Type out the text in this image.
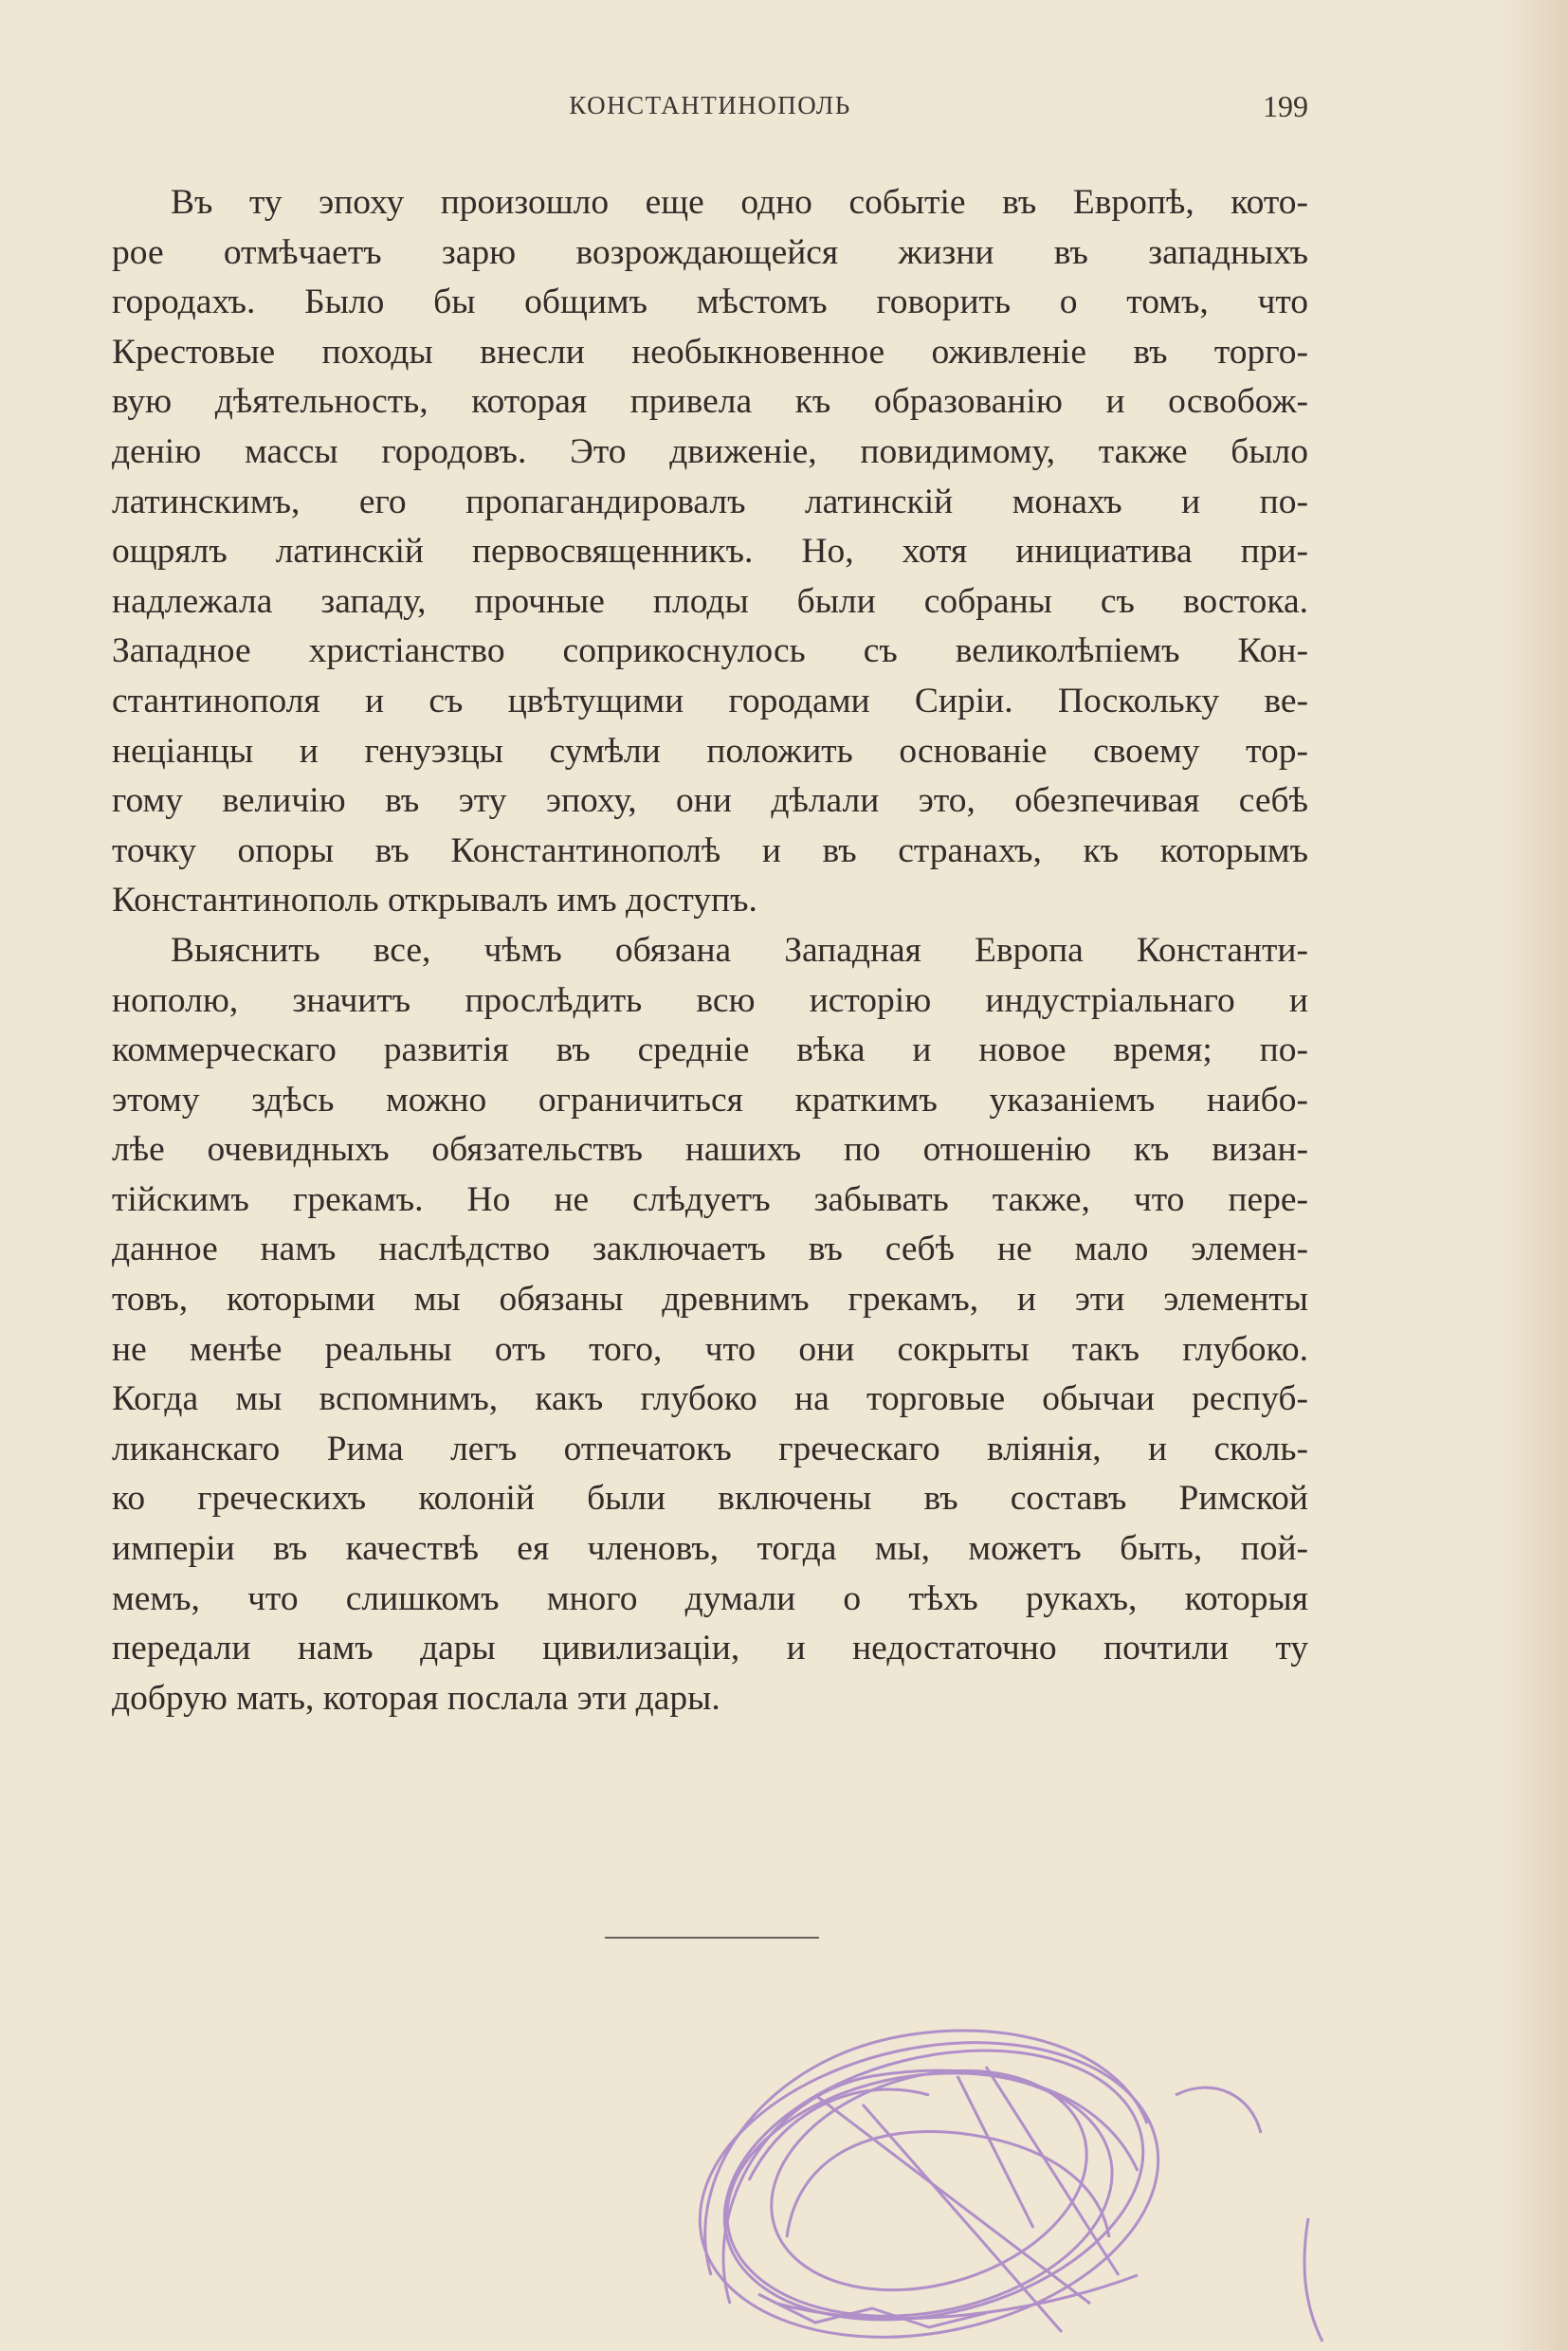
КОНСТАНТИНОПОЛЬ	199
Въ ту эпоху произошло еще одно событіе въ Европѣ, кото-
рое отмѣчаетъ зарю возрождающейся жизни въ западныхъ
городахъ. Было бы общимъ мѣстомъ говорить о томъ, что
Крестовые походы внесли необыкновенное оживленіе въ торго-
вую дѣятельность, которая привела къ образованію и освобож-
денію массы городовъ. Это движеніе, повидимому, также было
латинскимъ, его пропагандировалъ латинскій монахъ и по-
ощрялъ латинскій первосвященникъ. Но, хотя инициатива при-
надлежала западу, прочные плоды были собраны съ востока.
Западное христіанство соприкоснулось съ великолѣпіемъ Кон-
стантинополя и съ цвѣтущими городами Сиріи. Поскольку ве-
неціанцы и генуэзцы сумѣли положить основаніе своему тор-
гому величію въ эту эпоху, они дѣлали это, обезпечивая себѣ
точку опоры въ Константинополѣ и въ странахъ, къ которымъ
Константинополь открывалъ имъ доступъ.
Выяснить все, чѣмъ обязана Западная Европа Константи-
нополю, значитъ прослѣдить всю исторію индустріальнаго и
коммерческаго развитія въ средніе вѣка и новое время; по-
этому здѣсь можно ограничиться краткимъ указаніемъ наибо-
лѣе очевидныхъ обязательствъ нашихъ по отношенію къ визан-
тійскимъ грекамъ. Но не слѣдуетъ забывать также, что пере-
данное намъ наслѣдство заключаетъ въ себѣ не мало элемен-
товъ, которыми мы обязаны древнимъ грекамъ, и эти элементы
не менѣе реальны отъ того, что они сокрыты такъ глубоко.
Когда мы вспомнимъ, какъ глубоко на торговые обычаи респуб-
ликанскаго Рима легъ отпечатокъ греческаго вліянія, и сколь-
ко греческихъ колоній были включены въ составъ Римской
имперіи въ качествѣ ея членовъ, тогда мы, можетъ быть, пой-
мемъ, что слишкомъ много думали о тѣхъ рукахъ, которыя
передали намъ дары цивилизаціи, и недостаточно почтили ту
добрую мать, которая послала эти дары.
